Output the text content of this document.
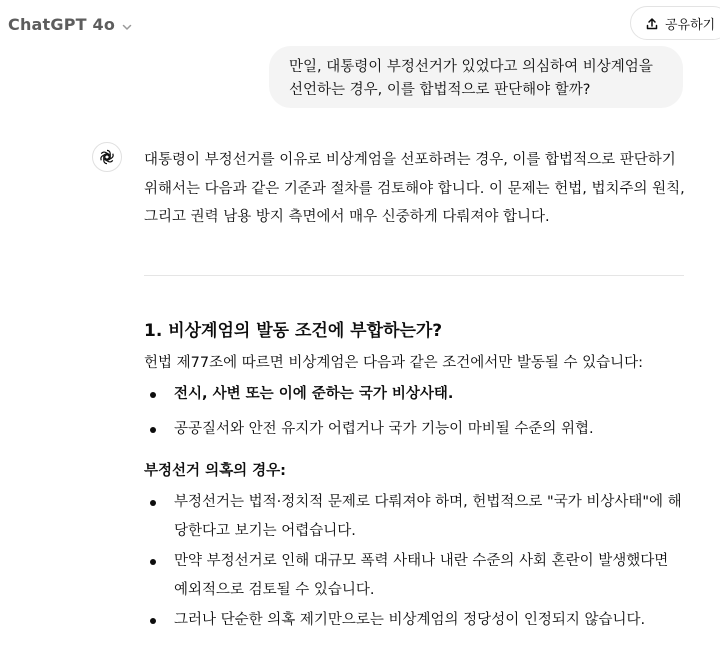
ChatGPT 4o	공유하기

만일, 대통령이 부정선거가 있었다고 의심하여 비상계엄을 선언하는 경우, 이를 합법적으로 판단해야 할까?

대통령이 부정선거를 이유로 비상계엄을 선포하려는 경우, 이를 합법적으로 판단하기 위해서는 다음과 같은 기준과 절차를 검토해야 합니다. 이 문제는 헌법, 법치주의 원칙, 그리고 권력 남용 방지 측면에서 매우 신중하게 다뤄져야 합니다.

1. 비상계엄의 발동 조건에 부합하는가?

헌법 제77조에 따르면 비상계엄은 다음과 같은 조건에서만 발동될 수 있습니다:

전시, 사변 또는 이에 준하는 국가 비상사태.
공공질서와 안전 유지가 어렵거나 국가 기능이 마비될 수준의 위협.
부정선거 의혹의 경우:
부정선거는 법적·정치적 문제로 다뤄져야 하며, 헌법적으로 "국가 비상사태"에 해당한다고 보기는 어렵습니다.
만약 부정선거로 인해 대규모 폭력 사태나 내란 수준의 사회 혼란이 발생했다면 예외적으로 검토될 수 있습니다.
그러나 단순한 의혹 제기만으로는 비상계엄의 정당성이 인정되지 않습니다.
